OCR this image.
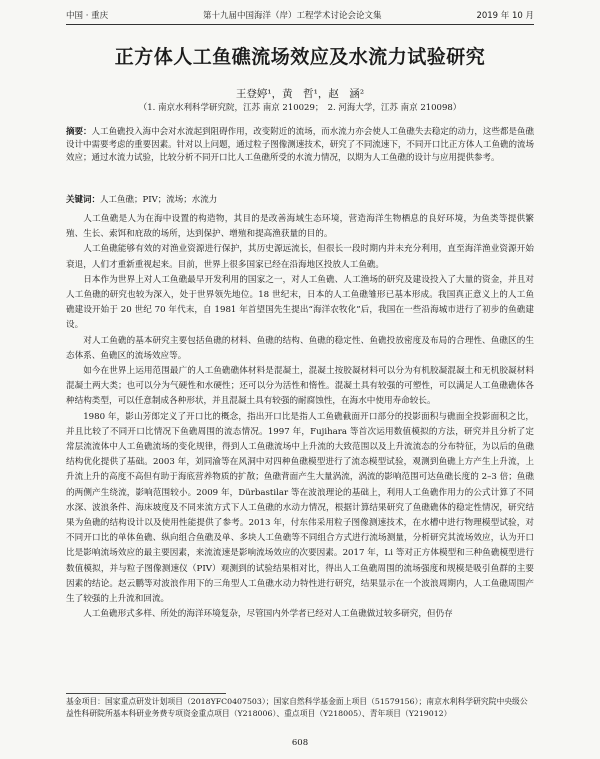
中国 · 重庆	第十九届中国海洋（岸）工程学术讨论会论文集	2019 年 10 月
正方体人工鱼礁流场效应及水流力试验研究
王登婷¹，黄　哲¹，赵　涵²
（1. 南京水利科学研究院，江苏 南京 210029；　2. 河海大学，江苏 南京 210098）
摘要：人工鱼礁投入海中会对水流起到阻碍作用，改变附近的流场，而水流力亦会使人工鱼礁失去稳定的动力，这些都是鱼礁设计中需要考虑的重要因素。针对以上问题，通过粒子图像测速技术，研究了不同流速下，不同开口比正方体人工鱼礁的流场效应；通过水流力试验，比较分析不同开口比人工鱼礁所受的水流力情况，以期为人工鱼礁的设计与应用提供参考。
关键词：人工鱼礁；PIV；流场；水流力

人工鱼礁是人为在海中设置的构造物，其目的是改善海域生态环境，营造海洋生物栖息的良好环境，为鱼类等提供繁殖、生长、索饵和庇敌的场所，达到保护、增殖和提高渔获量的目的。

人工鱼礁能够有效的对渔业资源进行保护，其历史源远流长，但很长一段时期内并未充分利用，直至海洋渔业资源开始衰退，人们才重新重视起来。目前，世界上很多国家已经在沿海地区投放人工鱼礁。

日本作为世界上对人工鱼礁最早开发利用的国家之一，对人工鱼礁、人工渔场的研究及建设投入了大量的资金，并且对人工鱼礁的研究也较为深入，处于世界领先地位。18 世纪末，日本的人工鱼礁雏形已基本形成。我国真正意义上的人工鱼礁建设开始于 20 世纪 70 年代末，自 1981 年首望国先生提出“海洋农牧化”后，我国在一些沿海城市进行了初步的鱼礁建设。

对人工鱼礁的基本研究主要包括鱼礁的材料、鱼礁的结构、鱼礁的稳定性、鱼礁投放密度及布局的合理性、鱼礁区的生态体系、鱼礁区的流场效应等。

如今在世界上运用范围最广的人工鱼礁礁体材料是混凝土，混凝土按胶凝材料可以分为有机胶凝混凝土和无机胶凝材料混凝土两大类；也可以分为气硬性和水硬性；还可以分为活性和惰性。混凝土具有较强的可塑性，可以满足人工鱼礁礁体各种结构类型，可以任意制成各种形状，并且混凝土具有较强的耐腐蚀性，在海水中使用寿命较长。

1980 年，影山芳郎定义了开口比的概念，指出开口比是指人工鱼礁截面开口部分的投影面积与礁面全投影面积之比，并且比较了不同开口比情况下鱼礁周围的流态情况。1997 年，Fujihara 等首次运用数值模拟的方法，研究并且分析了定常层流流体中人工鱼礁流场的变化规律，得到人工鱼礁流场中上升流的大致范围以及上升流流态的分布特征，为以后的鱼礁结构优化提供了基础。2003 年，刘同渝等在风洞中对四种鱼礁模型进行了流态模型试验，观测到鱼礁上方产生上升流，上升流上升的高度不高但有助于海底营养物质的扩散；鱼礁背面产生大量涡流，涡流的影响范围可达鱼礁长度的 2–3 倍；鱼礁的两侧产生绕流，影响范围较小。2009 年，Dürbastilar 等在波浪理论的基础上，利用人工鱼礁作用力的公式计算了不同水深、波浪条件、海床坡度及不同来流方式下人工鱼礁的水动力情况，根据计算结果研究了鱼礁礁体的稳定性情况，研究结果为鱼礁的结构设计以及使用性能提供了参考。2013 年，付东伟采用粒子图像测速技术，在水槽中进行物理模型试验，对不同开口比的单体鱼礁、纵向组合鱼礁及单、多块人工鱼礁等不同组合方式进行流场测量，分析研究其流场效应，认为开口比是影响流场效应的最主要因素，来流流速是影响流场效应的次要因素。2017 年，Li 等对正方体模型和三种鱼礁模型进行数值模拟，并与粒子图像测速仪（PIV）观测到的试验结果相对比，得出人工鱼礁周围的流场强度和规模是吸引鱼群的主要因素的结论。赵云鹏等对波浪作用下的三角型人工鱼礁水动力特性进行研究，结果显示在一个波浪周期内，人工鱼礁周围产生了较强的上升流和回流。

人工鱼礁形式多样、所处的海洋环境复杂，尽管国内外学者已经对人工鱼礁做过较多研究，但仍存

基金项目：国家重点研发计划项目（2018YFC0407503）；国家自然科学基金面上项目（51579156）；南京水利科学研究院中央级公益性科研院所基本科研业务费专项资金重点项目（Y218006）、重点项目（Y218005）、青年项目（Y219012）
608
